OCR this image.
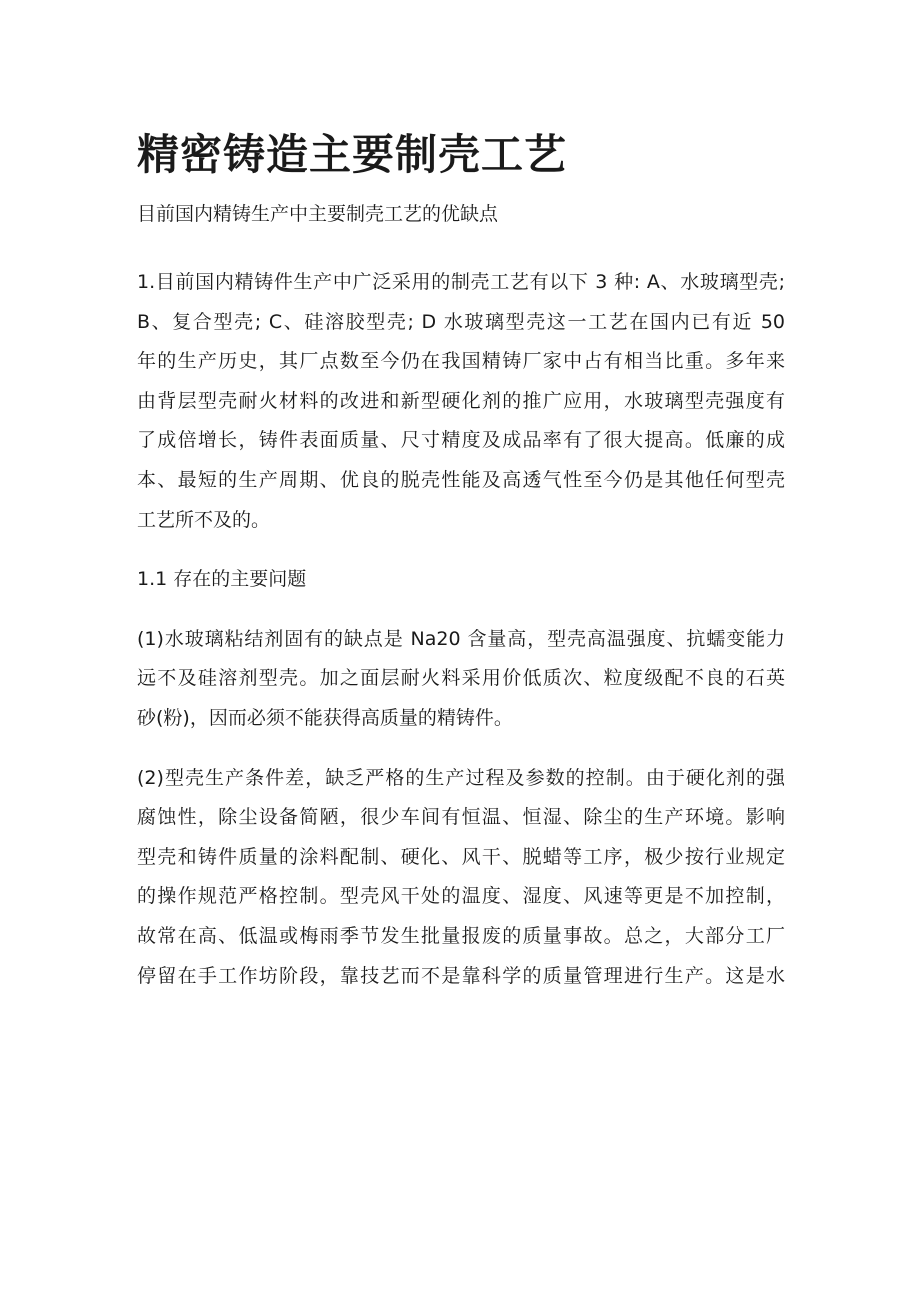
精密铸造主要制壳工艺
目前国内精铸生产中主要制壳工艺的优缺点
1.目前国内精铸件生产中广泛采用的制壳工艺有以下 3 种: A、水玻璃型壳;
B、复合型壳; C、硅溶胶型壳; D 水玻璃型壳这一工艺在国内已有近 50
年的生产历史，其厂点数至今仍在我国精铸厂家中占有相当比重。多年来
由背层型壳耐火材料的改进和新型硬化剂的推广应用，水玻璃型壳强度有
了成倍增长，铸件表面质量、尺寸精度及成品率有了很大提高。低廉的成
本、最短的生产周期、优良的脱壳性能及高透气性至今仍是其他任何型壳
工艺所不及的。
1.1 存在的主要问题
(1)水玻璃粘结剂固有的缺点是 Na20 含量高，型壳高温强度、抗蠕变能力
远不及硅溶剂型壳。加之面层耐火料采用价低质次、粒度级配不良的石英
砂(粉)，因而必须不能获得高质量的精铸件。
(2)型壳生产条件差，缺乏严格的生产过程及参数的控制。由于硬化剂的强
腐蚀性，除尘设备简陋，很少车间有恒温、恒湿、除尘的生产环境。影响
型壳和铸件质量的涂料配制、硬化、风干、脱蜡等工序，极少按行业规定
的操作规范严格控制。型壳风干处的温度、湿度、风速等更是不加控制，
故常在高、低温或梅雨季节发生批量报废的质量事故。总之，大部分工厂
停留在手工作坊阶段，靠技艺而不是靠科学的质量管理进行生产。这是水
